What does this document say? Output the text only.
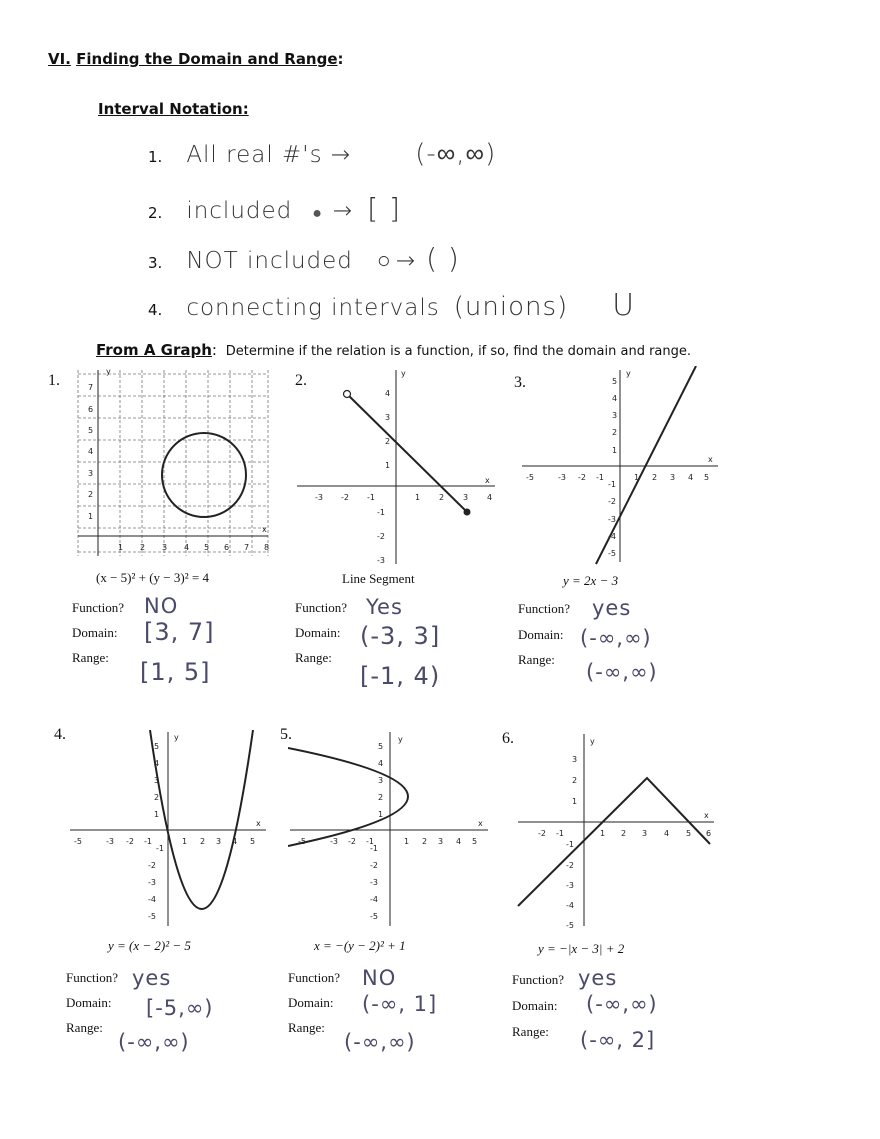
VI. Finding the Domain and Range:
Interval Notation:
1. All real #'s → (-∞,∞)
2. included ● → [ ]
3. NOT included ○ → ( )
4. connecting intervals (unions) U
From A Graph: Determine if the relation is a function, if so, find the domain and range.
1.	2.	3.
4.	5.	6.
y
x
1 2 3 4 5 6 7 8
1
2
3
4
5
6
7
y
x
-3 -2 -1	1 2 3 4
-3
-2
-1
1
2
3
4
y
x
-5	-3 -2 -1	1 2 3 4 5
-5
-4
-3
-2
-1
1
2
3
4
5
(x − 5)² + (y − 3)² = 4	Line Segment	y = 2x − 3
Function? NO
Domain: [3, 7]
Range:
[1, 5]
Function? Yes
Domain: (-3, 3]
Range:
[-1, 4)
Function? yes
Domain: (-∞,∞)
Range:
(-∞,∞)
y
x
-5	-3 -2 -1	1 2 3 4 5
-5
-4
-3
-2
-1
1
2
3
4
5
y
x
-5	-3 -2 -1	1 2 3 4 5
-5
-4
-3
-2
-1
1
2
3
4
5
y
x
-2 -1	1 2 3 4 5 6
-5
-4
-3
-2
-1
1
2
3
y = (x − 2)² − 5	x = −(y − 2)² + 1	y = −|x − 3| + 2
Function? yes
Domain: [-5,∞)
Range:
(-∞,∞)
Function? NO
Domain: (-∞, 1]
Range:
(-∞,∞)
Function? yes
Domain: (-∞,∞)
Range: (-∞, 2]
